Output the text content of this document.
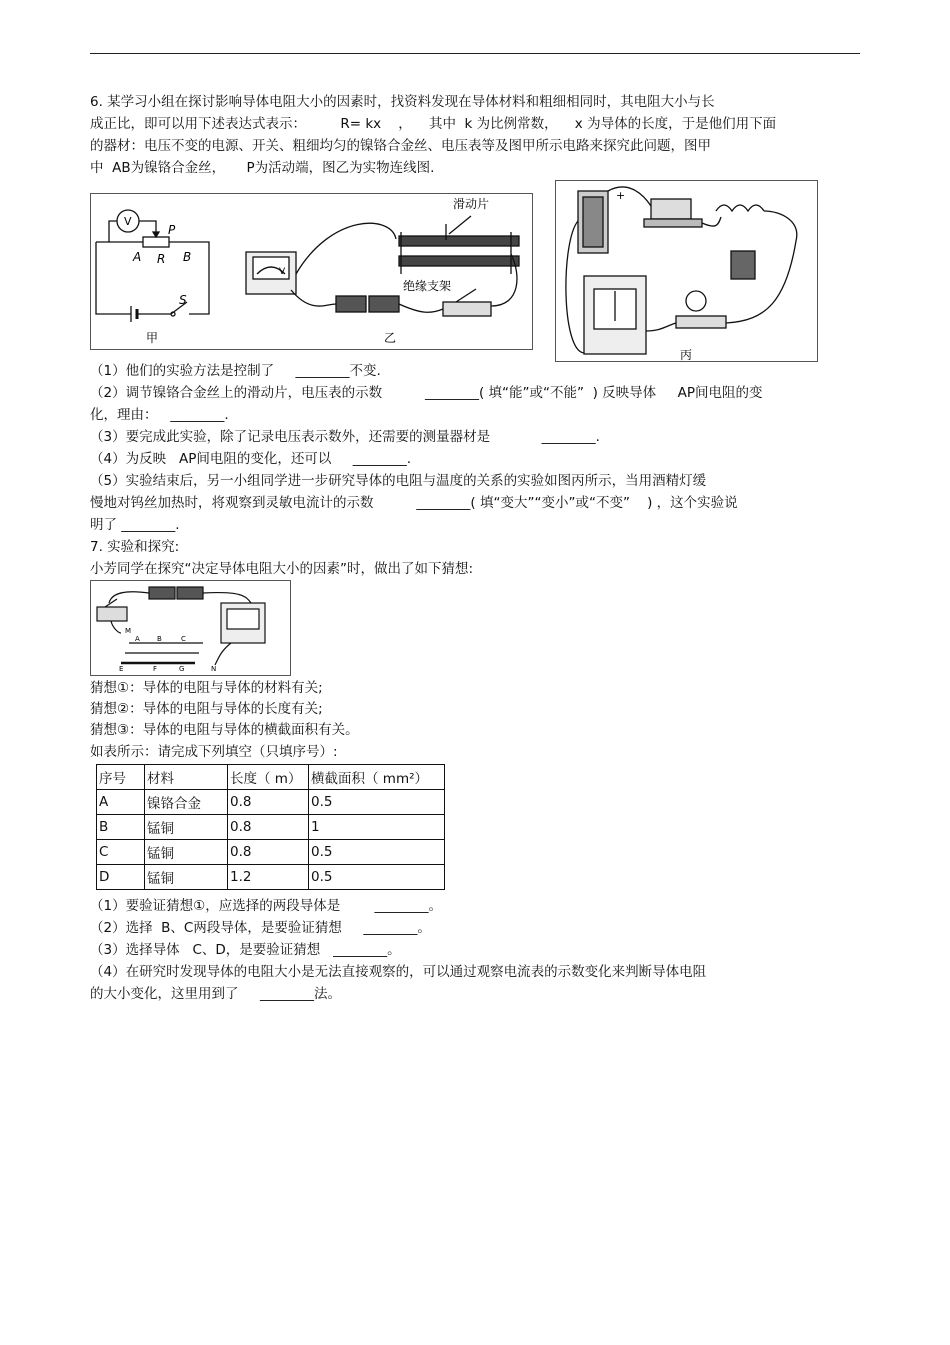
6. 某学习小组在探讨影响导体电阻大小的因素时，找资料发现在导体材料和粗细相同时，其电阻大小与长
成正比，即可以用下述表达式表示：        R= kx    ，    其中  k 为比例常数，    x 为导体的长度，于是他们用下面
的器材：电压不变的电源、开关、粗细均匀的镍铬合金丝、电压表等及图甲所示电路来探究此问题，图甲
中  AB为镍铬合金丝，     P为活动端，图乙为实物连线图.
V
P
A R B
S
甲
V
滑动片
绝缘支架
乙
+
丙
（1）他们的实验方法是控制了     ________不变.
（2）调节镍铬合金丝上的滑动片，电压表的示数          ________( 填“能”或“不能”  ) 反映导体     AP间电阻的变
化，理由：   ________.
（3）要完成此实验，除了记录电压表示数外，还需要的测量器材是            ________.
（4）为反映   AP间电阻的变化，还可以     ________.
（5）实验结束后，另一小组同学进一步研究导体的电阻与温度的关系的实验如图丙所示，当用酒精灯缓
慢地对钨丝加热时，将观察到灵敏电流计的示数          ________( 填“变大”“变小”或“不变”    ) ，这个实验说
明了 ________.
7. 实验和探究:
小芳同学在探究“决定导体电阻大小的因素”时，做出了如下猜想:
M
A B	C
E	F	G	N
猜想①：导体的电阻与导体的材料有关;
猜想②：导体的电阻与导体的长度有关;
猜想③：导体的电阻与导体的横截面积有关。
如表所示：请完成下列填空（只填序号）:
序号	材料	长度（ m）	横截面积（ mm²）
A	镍铬合金	0.8	0.5
B	锰铜	0.8	1
C	锰铜	0.8	0.5
D	锰铜	1.2	0.5
（1）要验证猜想①，应选择的两段导体是        ________。
（2）选择  B、C两段导体，是要验证猜想     ________。
（3）选择导体   C、D，是要验证猜想   ________。
（4）在研究时发现导体的电阻大小是无法直接观察的，可以通过观察电流表的示数变化来判断导体电阻
的大小变化，这里用到了     ________法。
